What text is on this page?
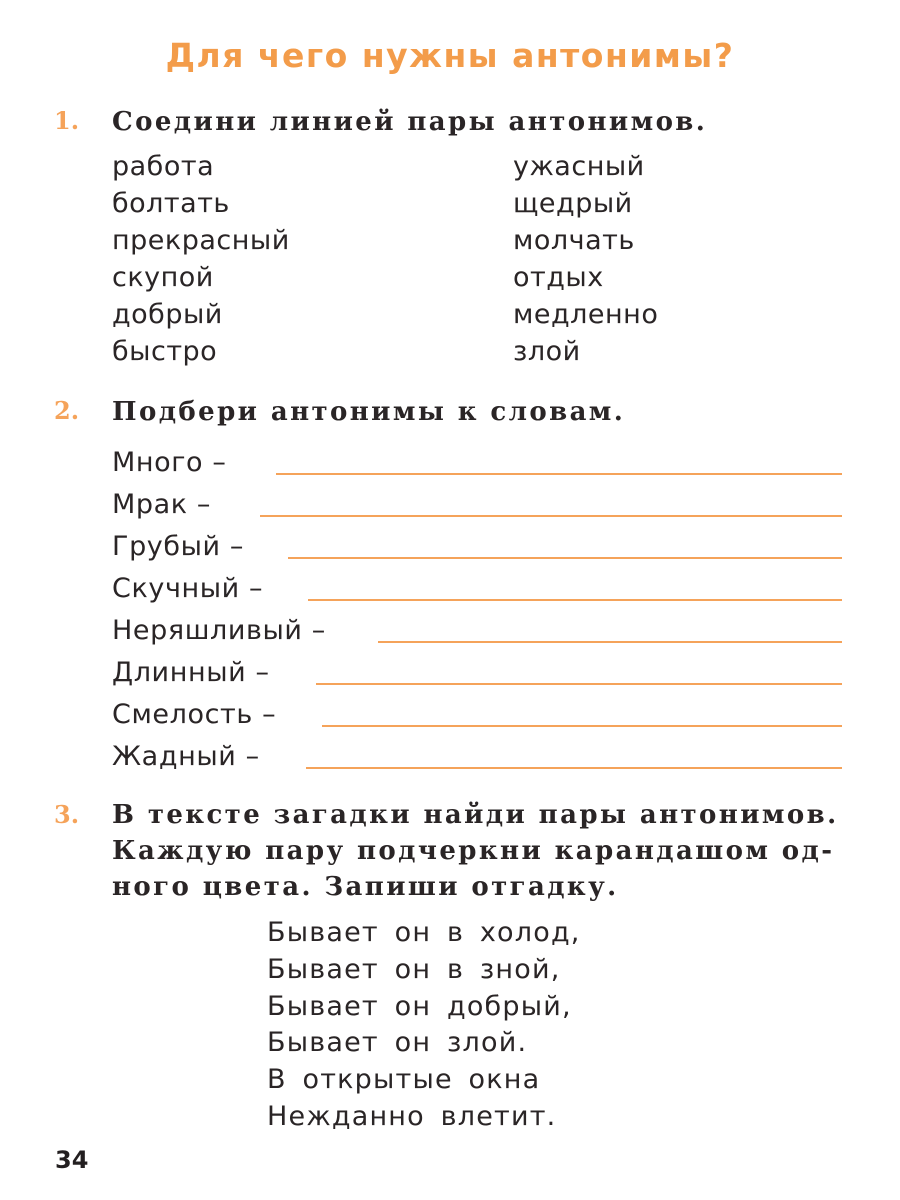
Для чего нужны антонимы?
1. Соедини линией пары антонимов.
работа
болтать
прекрасный
скупой
добрый
быстро
ужасный
щедрый
молчать
отдых
медленно
злой
2. Подбери антонимы к словам.
Много –
Мрак –
Грубый –
Скучный –
Неряшливый –
Длинный –
Смелость –
Жадный –
3. В тексте загадки найди пары антонимов.
Каждую пару подчеркни карандашом од-
ного цвета. Запиши отгадку.
Бывает он в холод,
Бывает он в зной,
Бывает он добрый,
Бывает он злой.
В открытые окна
Нежданно влетит.
34
